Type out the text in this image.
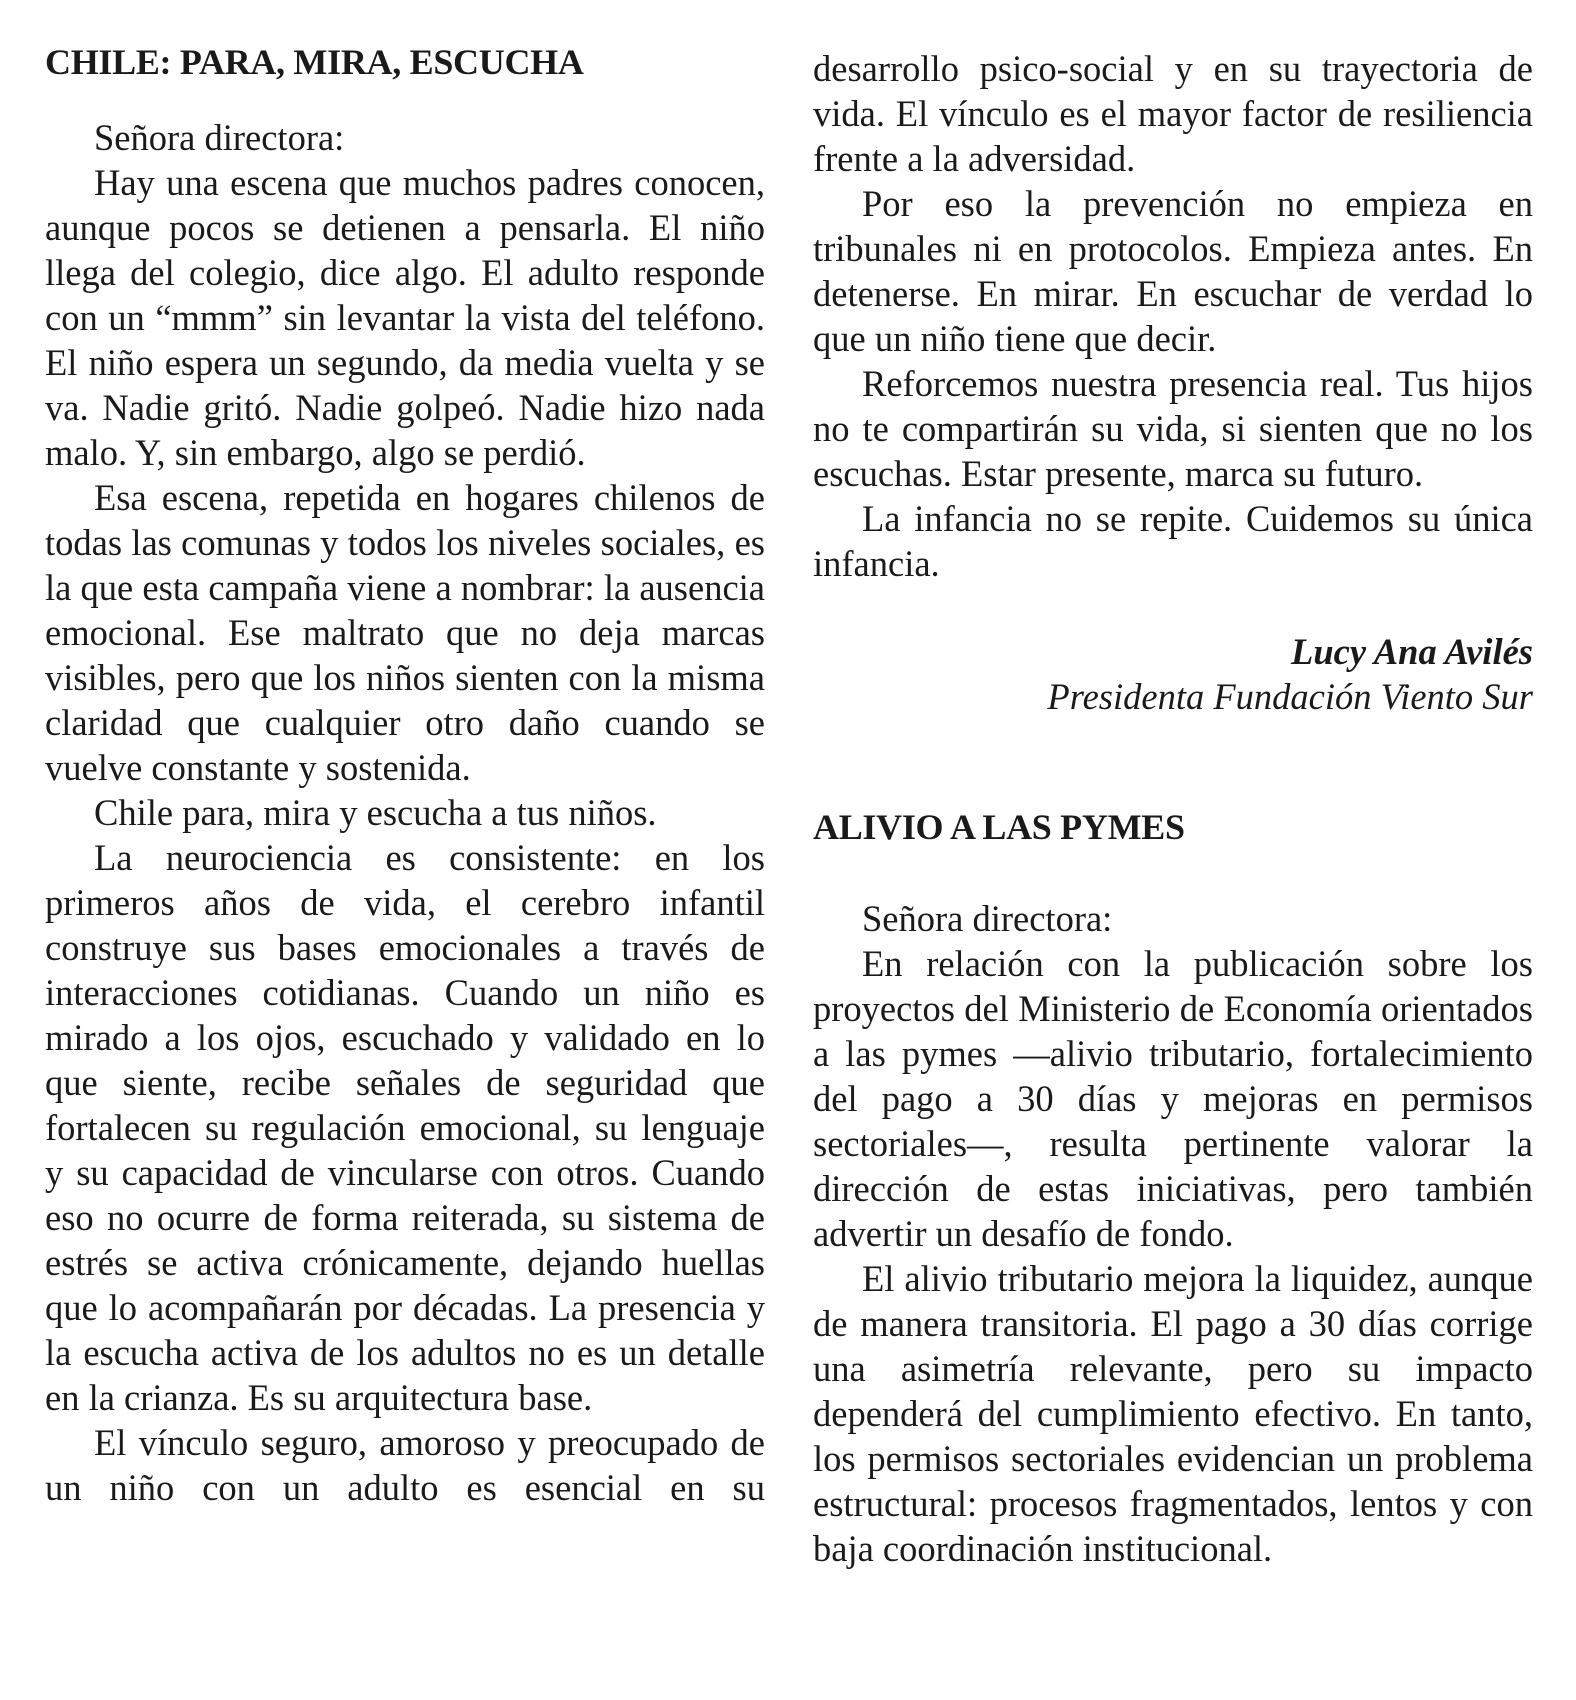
CHILE: PARA, MIRA, ESCUCHA

Señora directora:

Hay una escena que muchos padres conocen, aunque pocos se detienen a pensarla. El niño llega del colegio, dice algo. El adulto responde con un “mmm” sin levantar la vista del teléfono. El niño espera un segundo, da media vuelta y se va. Nadie gritó. Nadie golpeó. Nadie hizo nada malo. Y, sin embargo, algo se perdió.

Esa escena, repetida en hogares chilenos de todas las comunas y todos los niveles sociales, es la que esta campaña viene a nombrar: la ausencia emocional. Ese maltrato que no deja marcas visibles, pero que los niños sienten con la misma claridad que cualquier otro daño cuando se vuelve constante y sostenida.

Chile para, mira y escucha a tus niños.

La neurociencia es consistente: en los primeros años de vida, el cerebro infantil construye sus bases emocionales a través de interacciones cotidianas. Cuando un niño es mirado a los ojos, escuchado y validado en lo que siente, recibe señales de seguridad que fortalecen su regulación emocional, su lenguaje y su capacidad de vincularse con otros. Cuando eso no ocurre de forma reiterada, su sistema de estrés se activa crónicamente, dejando huellas que lo acompañarán por décadas. La presencia y la escucha activa de los adultos no es un detalle en la crianza. Es su arquitectura base.

El vínculo seguro, amoroso y preocupado de un niño con un adulto es esencial en su

desarrollo psico-social y en su trayectoria de vida. El vínculo es el mayor factor de resiliencia frente a la adversidad.

Por eso la prevención no empieza en tribunales ni en protocolos. Empieza antes. En detenerse. En mirar. En escuchar de verdad lo que un niño tiene que decir.

Reforcemos nuestra presencia real. Tus hijos no te compartirán su vida, si sienten que no los escuchas. Estar presente, marca su futuro.

La infancia no se repite. Cuidemos su única infancia.

Lucy Ana Avilés
Presidenta Fundación Viento Sur
ALIVIO A LAS PYMES

Señora directora:

En relación con la publicación sobre los proyectos del Ministerio de Economía orientados a las pymes —alivio tributario, fortalecimiento del pago a 30 días y mejoras en permisos sectoriales—, resulta pertinente valorar la dirección de estas iniciativas, pero también advertir un desafío de fondo.

El alivio tributario mejora la liquidez, aunque de manera transitoria. El pago a 30 días corrige una asimetría relevante, pero su impacto dependerá del cumplimiento efectivo. En tanto, los permisos sectoriales evidencian un problema estructural: procesos fragmentados, lentos y con baja coordinación institucional.
